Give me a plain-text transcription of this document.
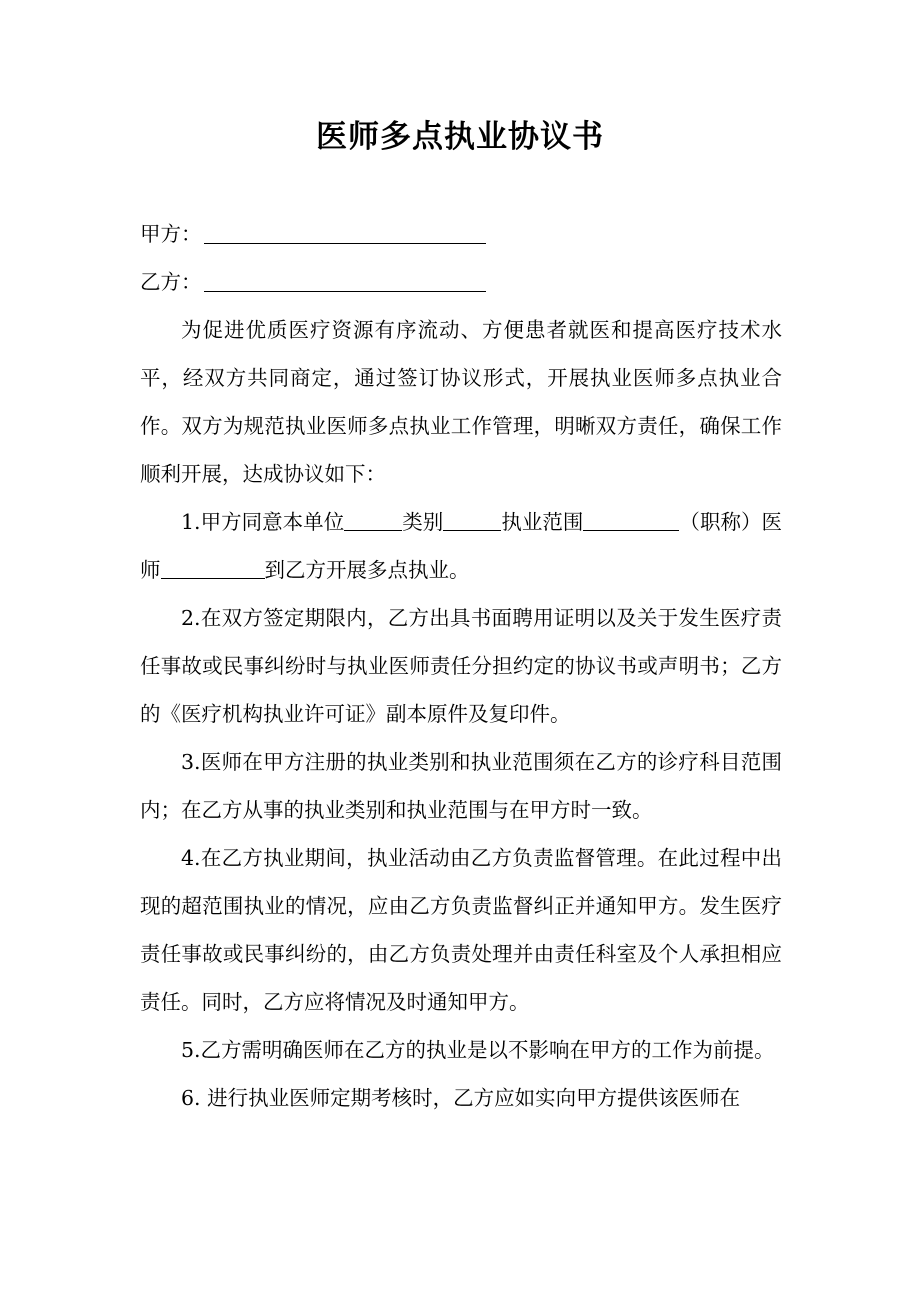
医师多点执业协议书
甲方：
乙方：

为促进优质医疗资源有序流动、方便患者就医和提高医疗技术水平，经双方共同商定，通过签订协议形式，开展执业医师多点执业合作。双方为规范执业医师多点执业工作管理，明晰双方责任，确保工作顺利开展，达成协议如下：

1.甲方同意本单位	类别	执业范围	（职称）医师	到乙方开展多点执业。

2.在双方签定期限内，乙方出具书面聘用证明以及关于发生医疗责任事故或民事纠纷时与执业医师责任分担约定的协议书或声明书；乙方的《医疗机构执业许可证》副本原件及复印件。

3.医师在甲方注册的执业类别和执业范围须在乙方的诊疗科目范围内；在乙方从事的执业类别和执业范围与在甲方时一致。

4.在乙方执业期间，执业活动由乙方负责监督管理。在此过程中出现的超范围执业的情况，应由乙方负责监督纠正并通知甲方。发生医疗责任事故或民事纠纷的，由乙方负责处理并由责任科室及个人承担相应责任。同时，乙方应将情况及时通知甲方。

5.乙方需明确医师在乙方的执业是以不影响在甲方的工作为前提。

6. 进行执业医师定期考核时，乙方应如实向甲方提供该医师在
